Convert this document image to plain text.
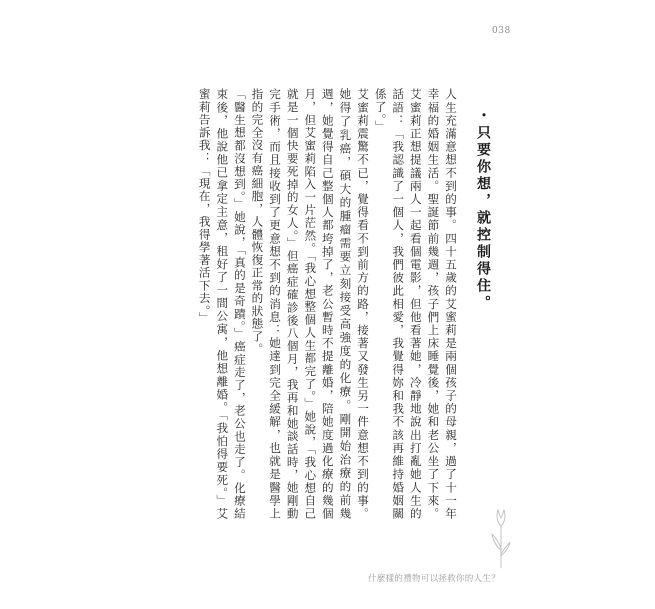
038
・只要你想，就控制得住。

人生充滿意想不到的事。四十五歲的艾蜜莉是兩個孩子的母親，過了十一年幸福的婚姻生活。聖誕節前幾週，孩子們上床睡覺後，她和老公坐了下來。艾蜜莉正想提議兩人一起看個電影，但他看著她，冷靜地說出打亂她人生的話語：「我認識了一個人，我們彼此相愛，我覺得妳和我不該再維持婚姻關係了。」

艾蜜莉震驚不已，覺得看不到前方的路，接著又發生另一件意想不到的事。她得了乳癌，碩大的腫瘤需要立刻接受高強度的化療。剛開始治療的前幾週，她覺得自己整個人都垮掉了，老公暫時不提離婚，陪她度過化療的幾個月，但艾蜜莉陷入一片茫然。「我心想整個人生都完了。」她說，「我心想自己就是一個快要死掉的女人。」但癌症確診後八個月，我再和她談話時，她剛動完手術，而且接收到了更意想不到的消息：她達到完全緩解，也就是醫學上指的完全沒有癌細胞，人體恢復正常的狀態了。

「醫生想都沒想到。」她說，「真的是奇蹟。」癌症走了，老公也走了。化療結束後，他說他已拿定主意，租好了一間公寓，他想離婚。「我怕得要死。」艾蜜莉告訴我：「現在，我得學著活下去。」

什麼樣的禮物可以拯救你的人生？
